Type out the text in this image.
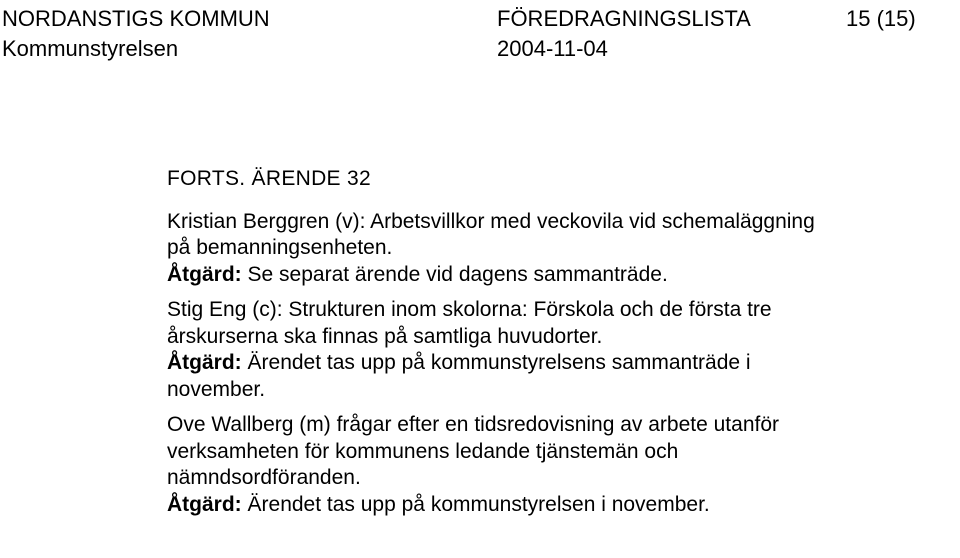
NORDANSTIGS KOMMUN	FÖREDRAGNINGSLISTA	15 (15)
Kommunstyrelsen	2004-11-04
FORTS. ÄRENDE 32
Kristian Berggren (v): Arbetsvillkor med veckovila vid schemaläggning
på bemanningsenheten.
Åtgärd: Se separat ärende vid dagens sammanträde.
Stig Eng (c): Strukturen inom skolorna: Förskola och de första tre
årskurserna ska finnas på samtliga huvudorter.
Åtgärd: Ärendet tas upp på kommunstyrelsens sammanträde i
november.
Ove Wallberg (m) frågar efter en tidsredovisning av arbete utanför
verksamheten för kommunens ledande tjänstemän och
nämndsordföranden.
Åtgärd: Ärendet tas upp på kommunstyrelsen i november.
